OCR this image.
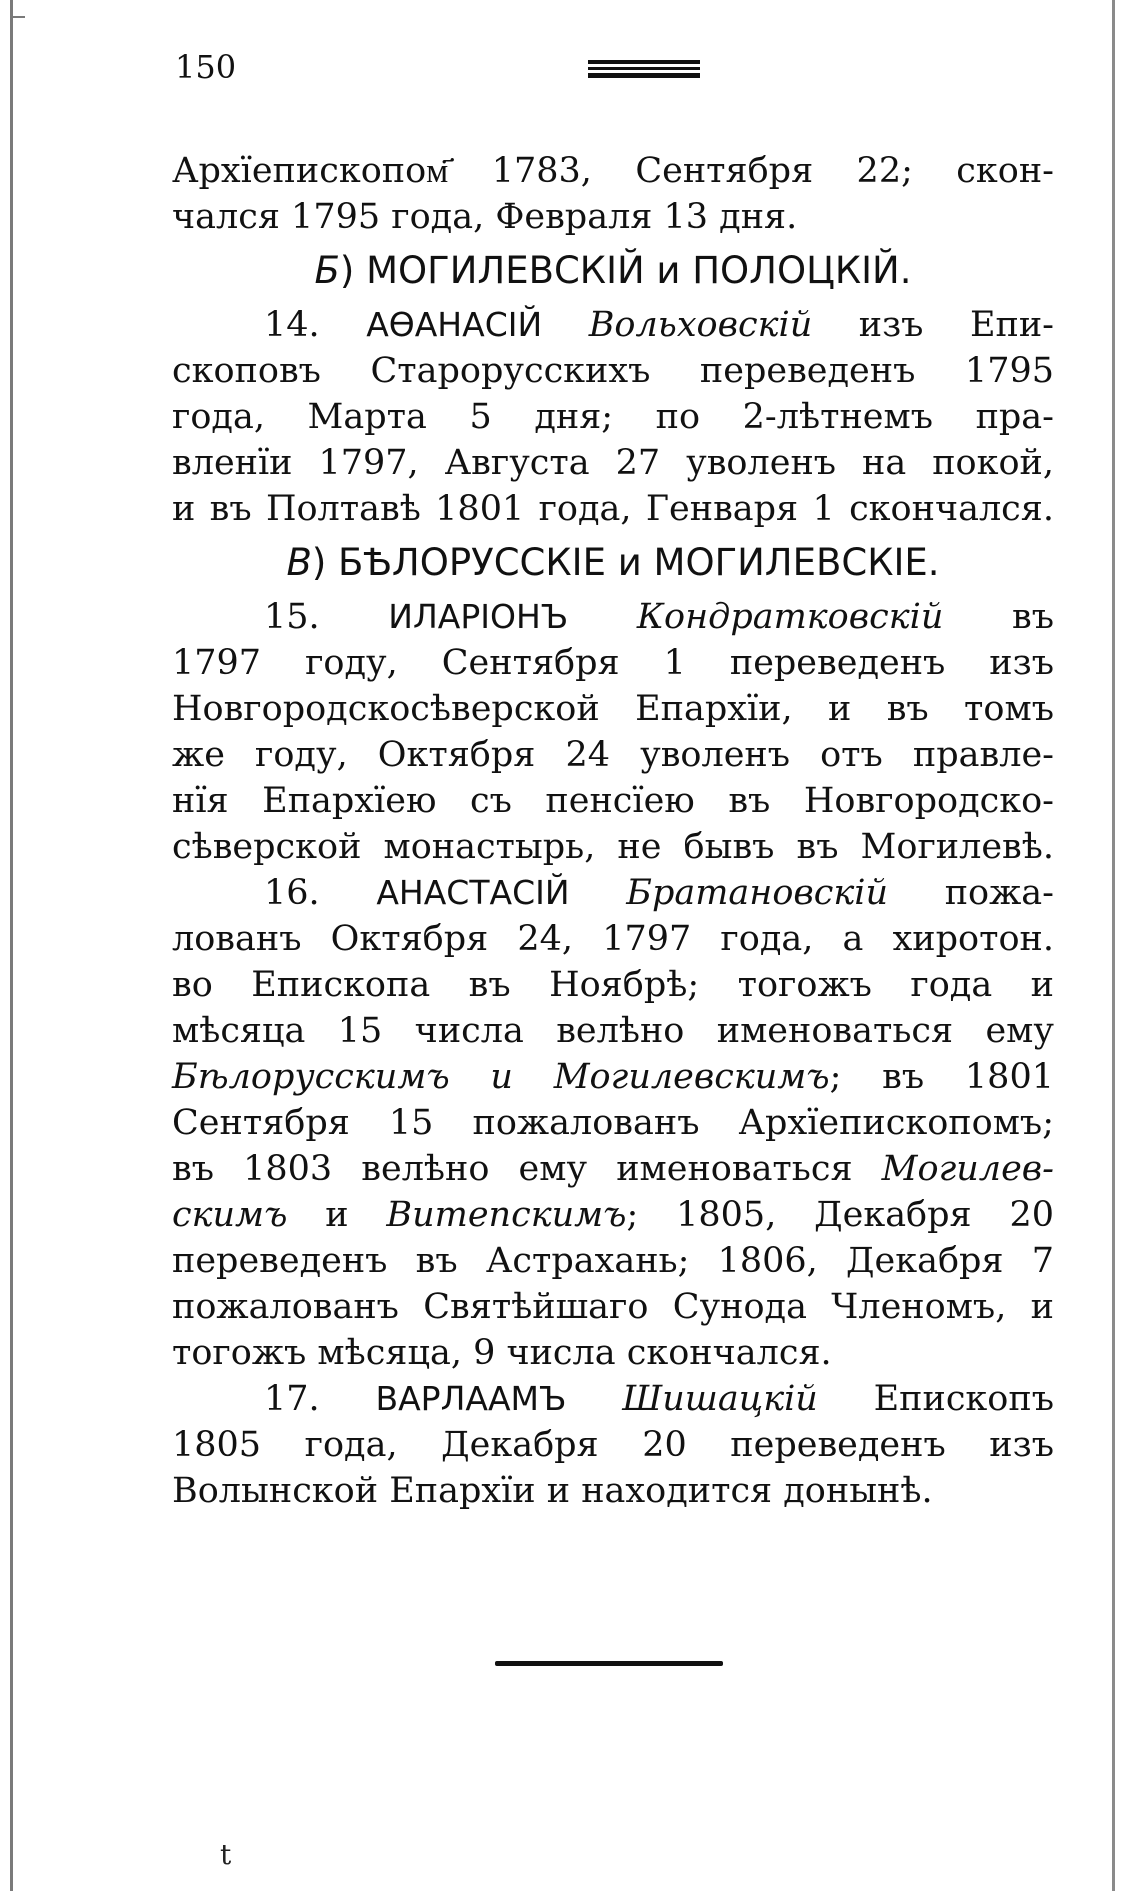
150
Архїепископом҃ 1783, Сентября 22; скон-
чался 1795 года, Февраля 13 дня.
Б) МОГИЛЕВСКІЙ и ПОЛОЦКІЙ.
14. АѲАНАСІЙ Вольховскій изъ Епи-
скоповъ Старорусскихъ переведенъ 1795
года, Марта 5 дня; по 2-лѣтнемъ пра-
вленїи 1797, Августа 27 уволенъ на покой,
и въ Полтавѣ 1801 года, Генваря 1 скончался.
В) БѢЛОРУССКІЕ и МОГИЛЕВСКІЕ.
15. ИЛАРІОНЪ Кондратковскій въ
1797 году, Сентября 1 переведенъ изъ
Новгородскосѣверской Епархїи, и въ томъ
же году, Октября 24 уволенъ отъ правле-
нїя Епархїею съ пенсїею въ Новгородско-
сѣверской монастырь, не бывъ въ Могилевѣ.
16. АНАСТАСІЙ Братановскій пожа-
лованъ Октября 24, 1797 года, а хиротон.
во Епископа въ Ноябрѣ; тогожъ года и
мѣсяца 15 числа велѣно именоваться ему
Бѣлорусскимъ и Могилевскимъ; въ 1801
Сентября 15 пожалованъ Архїепископомъ;
въ 1803 велѣно ему именоваться Могилев-
скимъ и Витепскимъ; 1805, Декабря 20
переведенъ въ Астрахань; 1806, Декабря 7
пожалованъ Святѣйшаго Сунода Членомъ, и
тогожъ мѣсяца, 9 числа скончался.
17. ВАРЛААМЪ Шишацкій Епископъ
1805 года, Декабря 20 переведенъ изъ
Волынской Епархїи и находится донынѣ.
t
